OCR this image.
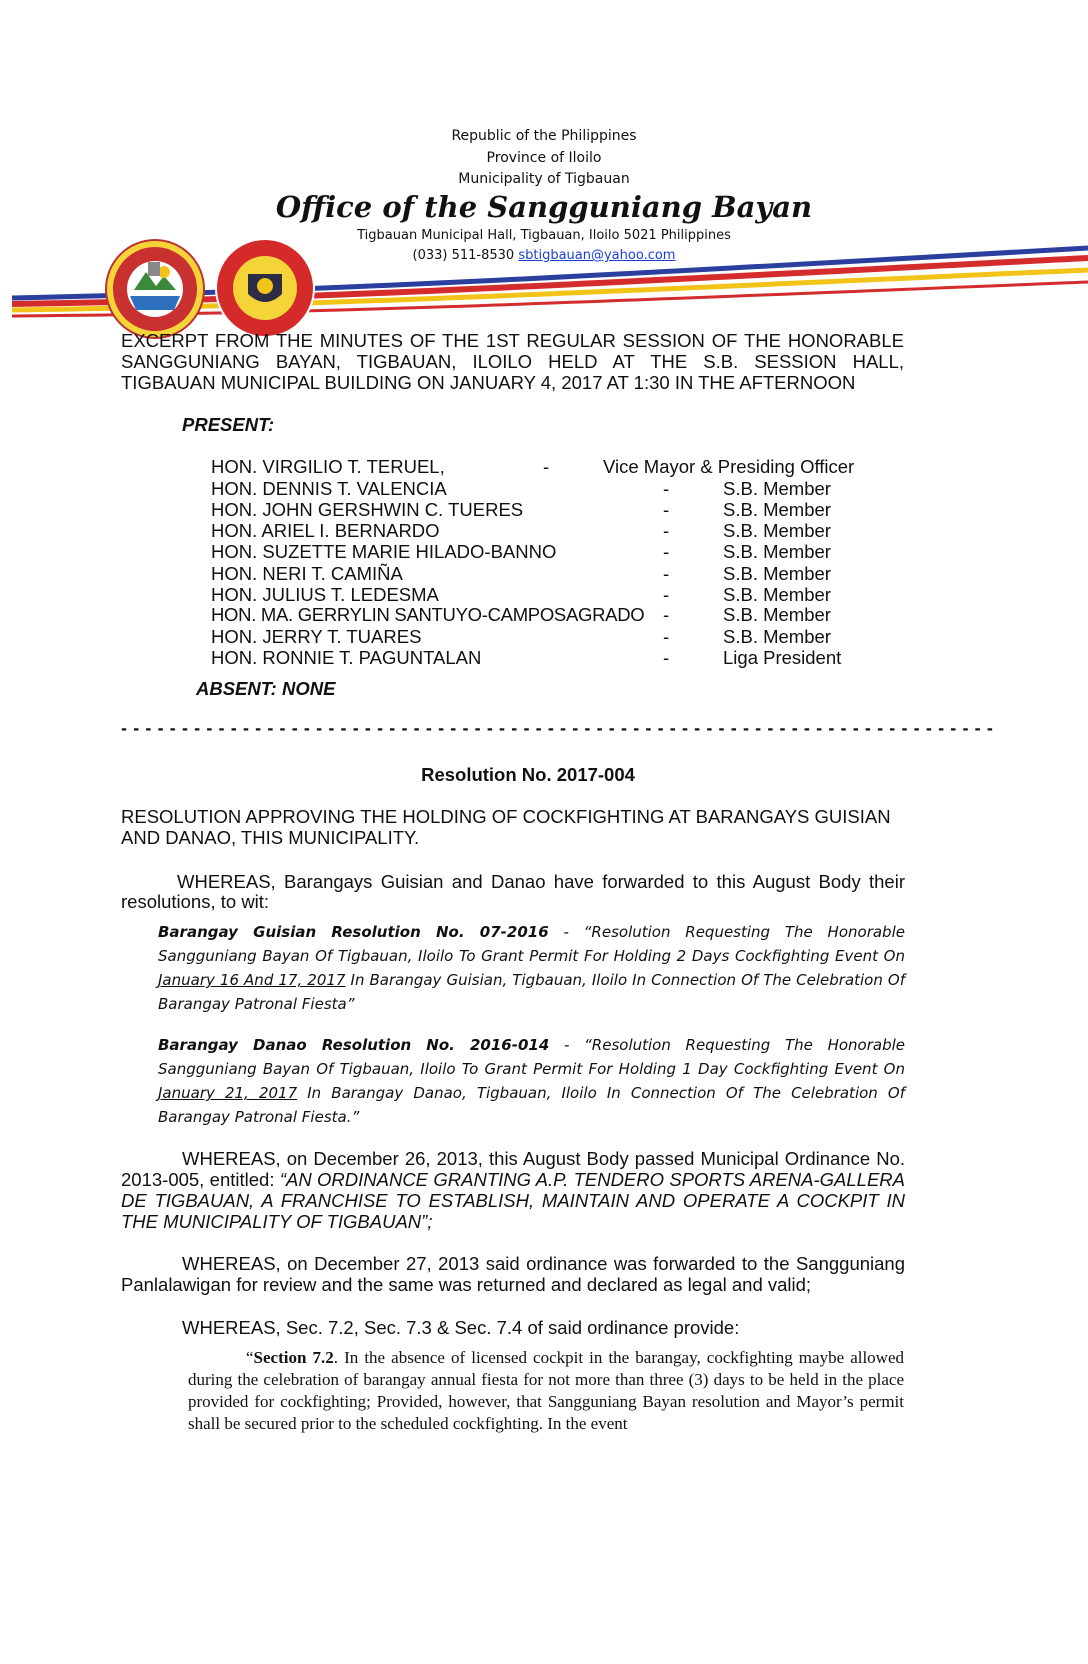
Republic of the Philippines
Province of Iloilo
Municipality of Tigbauan
Office of the Sangguniang Bayan
Tigbauan Municipal Hall, Tigbauan, Iloilo 5021 Philippines
(033) 511-8530 sbtigbauan@yahoo.com
EXCERPT FROM THE MINUTES OF THE 1ST REGULAR SESSION OF THE HONORABLE
SANGGUNIANG BAYAN, TIGBAUAN, ILOILO HELD AT THE S.B. SESSION HALL,
TIGBAUAN MUNICIPAL BUILDING ON JANUARY 4, 2017 AT 1:30 IN THE AFTERNOON
PRESENT:
HON. VIRGILIO T. TERUEL,	-	Vice Mayor & Presiding Officer
HON. DENNIS T. VALENCIA	-	S.B. Member
HON. JOHN GERSHWIN C. TUERES	-	S.B. Member
HON. ARIEL I. BERNARDO	-	S.B. Member
HON. SUZETTE MARIE HILADO-BANNO	-	S.B. Member
HON. NERI T. CAMIÑA	-	S.B. Member
HON. JULIUS T. LEDESMA	-	S.B. Member
HON. MA. GERRYLIN SANTUYO-CAMPOSAGRADO -	S.B. Member
HON. JERRY T. TUARES	-	S.B. Member
HON. RONNIE T. PAGUNTALAN	-	Liga President
ABSENT: NONE
- - - - - - - - - - - - - - - - - - - - - - - - - - - - - - - - - - - - - - - - - - - - - - - - - - - - - - - - - - - - - - - - - - - - - - - -
Resolution No. 2017-004
RESOLUTION APPROVING THE HOLDING OF COCKFIGHTING AT BARANGAYS GUISIAN
AND DANAO, THIS MUNICIPALITY.
WHEREAS, Barangays Guisian and Danao have forwarded to this August Body their
resolutions, to wit:
Barangay Guisian Resolution No. 07-2016 - “Resolution Requesting The Honorable Sangguniang Bayan Of Tigbauan, Iloilo To Grant Permit For Holding 2 Days Cockfighting Event On January 16 And 17, 2017 In Barangay Guisian, Tigbauan, Iloilo In Connection Of The Celebration Of Barangay Patronal Fiesta”
Barangay Danao Resolution No. 2016-014 - “Resolution Requesting The Honorable Sangguniang Bayan Of Tigbauan, Iloilo To Grant Permit For Holding 1 Day Cockfighting Event On January 21, 2017 In Barangay Danao, Tigbauan, Iloilo In Connection Of The Celebration Of Barangay Patronal Fiesta.”
WHEREAS, on December 26, 2013, this August Body passed Municipal Ordinance No.
2013-005, entitled: “AN ORDINANCE GRANTING A.P. TENDERO SPORTS ARENA-GALLERA DE TIGBAUAN, A FRANCHISE TO ESTABLISH, MAINTAIN AND OPERATE A COCKPIT IN THE MUNICIPALITY OF TIGBAUAN”;
WHEREAS, on December 27, 2013 said ordinance was forwarded to the Sangguniang
Panlalawigan for review and the same was returned and declared as legal and valid;
WHEREAS, Sec. 7.2, Sec. 7.3 & Sec. 7.4 of said ordinance provide:
“Section 7.2. In the absence of licensed cockpit in the barangay, cockfighting maybe allowed during the celebration of barangay annual fiesta for not more than three (3) days to be held in the place provided for cockfighting; Provided, however, that Sangguniang Bayan resolution and Mayor’s permit shall be secured prior to the scheduled cockfighting. In the event
